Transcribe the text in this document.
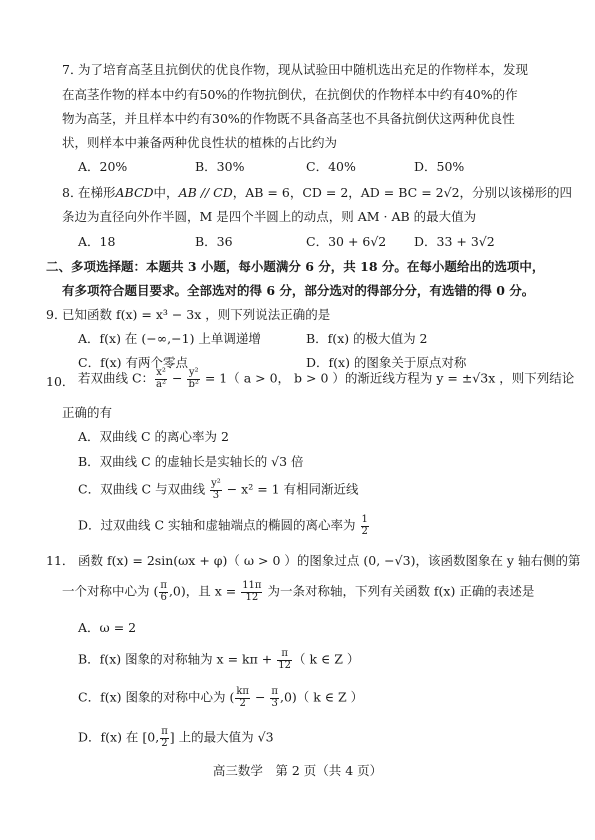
7．
为了培育高茎且抗倒伏的优良作物，现从试验田中随机选出充足的作物样本，发现
在高茎作物的样本中约有50%的作物抗倒伏，在抗倒伏的作物样本中约有40%的作
物为高茎，并且样本中约有30%的作物既不具备高茎也不具备抗倒伏这两种优良性
状，则样本中兼备两种优良性状的植株的占比约为
A．20%	B．30%	C．40%	D．50%
8．
在梯形ABCD中，AB // CD，AB = 6，CD = 2，AD = BC = 2√2，分别以该梯形的四
条边为直径向外作半圆，M 是四个半圆上的动点，则 AM · AB 的最大值为
A．18	B．36	C．30 + 6√2 D．33 + 3√2
二、多项选择题：本题共 3 小题，每小题满分 6 分，共 18 分。在每小题给出的选项中，
有多项符合题目要求。全部选对的得 6 分，部分选对的得部分分，有选错的得 0 分。
9．
已知函数 f(x) = x³ − 3x ，则下列说法正确的是
A．f(x) 在 (−∞,−1) 上单调递增	B．f(x) 的极大值为 2
C．f(x) 有两个零点	D．f(x) 的图象关于原点对称
10． 若双曲线 C： $\frac{\text{x²}}{\text{a²}} - \frac{\text{y²}}{\text{b²}} = 1$（ a > 0， b > 0 ）的渐近线方程为 y = ±√3x ，则下列结论
正确的有
A．双曲线 C 的离心率为 2
B．双曲线 C 的虚轴长是实轴长的 √3 倍
C．双曲线 C 与双曲线 $\frac{\text{y²}}{3} - x^2 = 1$ 有相同渐近线
D．过双曲线 C 实轴和虚轴端点的椭圆的离心率为 $\frac{1}{2}$
11． 函数 f(x) = 2sin(ωx + φ)（ ω > 0 ）的图象过点 (0, −√3)，该函数图象在 y 轴右侧的第
一个对称中心为 ( $\frac{\pi}{6} ,0$)，且 $x = \frac{11\pi}{12}$ 为一条对称轴，下列有关函数 f(x) 正确的表述是
A．ω = 2
B．f(x) 图象的对称轴为 $x = k\pi + \frac{\pi}{12}$ （ k ∈ Z ）
C．f(x) 图象的对称中心为 ( $\frac{k\pi}{2} - \frac{\pi}{3} ,0$)（ k ∈ Z ）
D．f(x) 在 [0, $\frac{\pi}{2}$ ] 上的最大值为 √3
高三数学　第 2 页（共 4 页）
